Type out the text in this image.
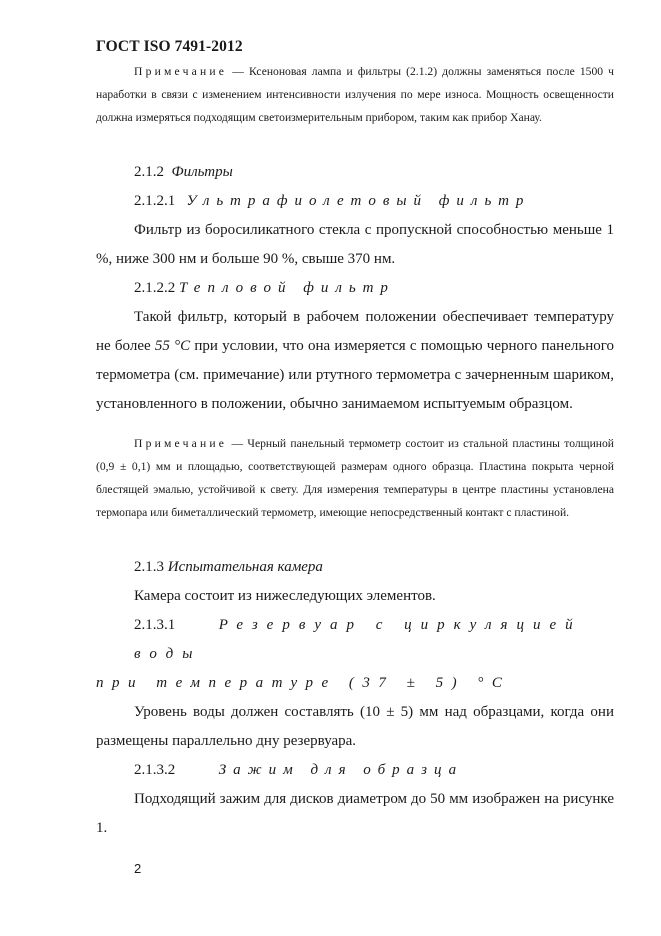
ГОСТ ISO 7491-2012

Примечание — Ксеноновая лампа и фильтры (2.1.2) должны заменяться после 1500 ч наработки в связи с изменением интенсивности излучения по мере износа. Мощность освещенности должна измеряться подходящим светоизмерительным прибором, таким как прибор Ханау.

2.1.2 Фильтры

2.1.2.1 Ультрафиолетовый фильтр

Фильтр из боросиликатного стекла с пропускной способностью меньше 1 %, ниже 300 нм и больше 90 %, свыше 370 нм.

2.1.2.2 Тепловой фильтр

Такой фильтр, который в рабочем положении обеспечивает температуру не более 55 °С при условии, что она измеряется с помощью черного панельного термометра (см. примечание) или ртутного термометра с зачерненным шариком, установленного в положении, обычно занимаемом испытуемым образцом.

Примечание — Черный панельный термометр состоит из стальной пластины толщиной (0,9 ± 0,1) мм и площадью, соответствующей размерам одного образца. Пластина покрыта черной блестящей эмалью, устойчивой к свету. Для измерения температуры в центре пластины установлена термопара или биметаллический термометр, имеющие непосредственный контакт с пластиной.

2.1.3 Испытательная камера

Камера состоит из нижеследующих элементов.

2.1.3.1	Резервуар с циркуляцией воды

при температуре (37 ± 5) °С

Уровень воды должен составлять (10 ± 5) мм над образцами, когда они размещены параллельно дну резервуара.

2.1.3.2	Зажим для образца

Подходящий зажим для дисков диаметром до 50 мм изображен на рисунке 1.

2
